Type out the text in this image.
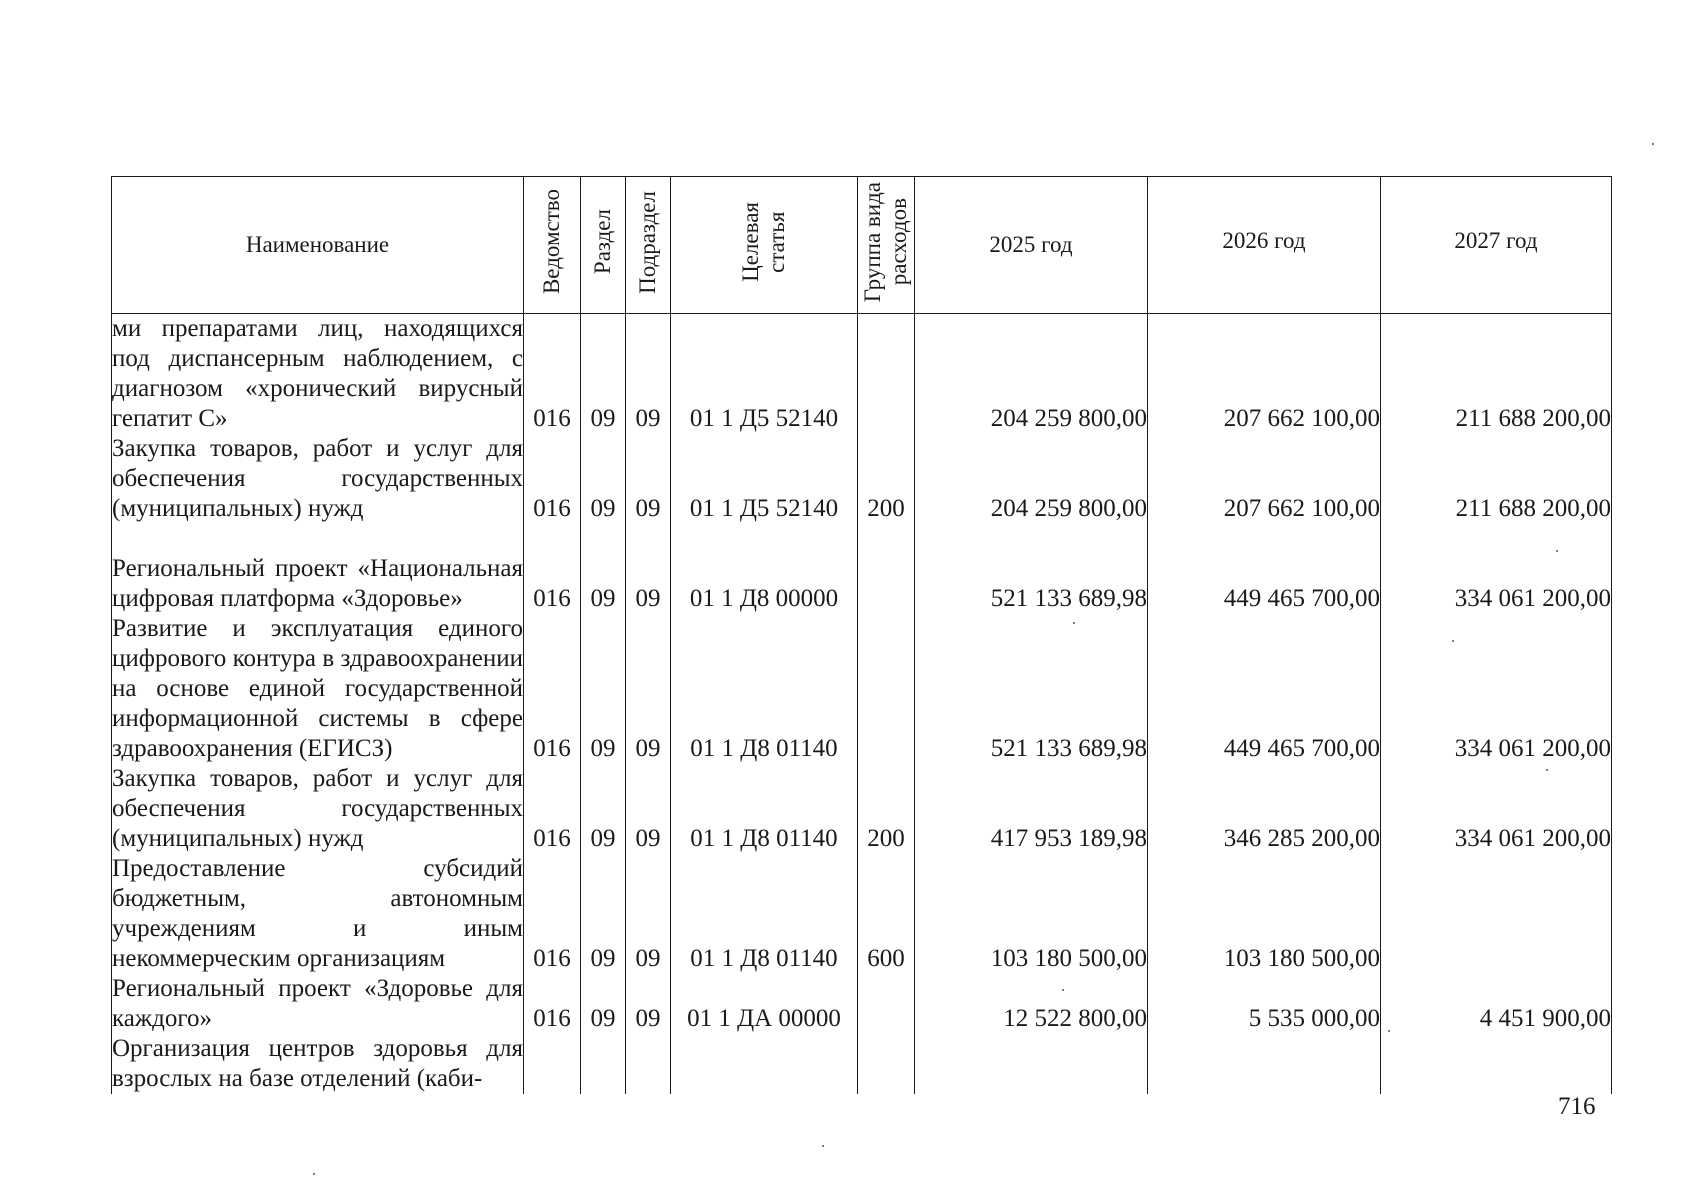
Наименование	Ведомство	Раздел	Подраздел	Целевая
статья	Группа вида
расходов	2025 год	2026 год	2027 год

ми препаратами лиц, находящихся под диспансерным наблюдением, с диагнозом «хронический вирусный гепатит С»	016	09	09	01 1 Д5 52140		204 259 800,00	207 662 100,00	211 688 200,00
Закупка товаров, работ и услуг для обеспечения государственных (муниципальных) нужд	016	09	09	01 1 Д5 52140	200	204 259 800,00	207 662 100,00	211 688 200,00
Региональный проект «Национальная цифровая платформа «Здоровье»	016	09	09	01 1 Д8 00000		521 133 689,98	449 465 700,00	334 061 200,00
Развитие и эксплуатация единого цифрового контура в здравоохранении на основе единой государственной информационной системы в сфере здравоохранения (ЕГИСЗ)	016	09	09	01 1 Д8 01140		521 133 689,98	449 465 700,00	334 061 200,00
Закупка товаров, работ и услуг для обеспечения государственных (муниципальных) нужд	016	09	09	01 1 Д8 01140	200	417 953 189,98	346 285 200,00	334 061 200,00
Предоставление субсидий бюджетным, автономным учреждениям и иным некоммерческим организациям	016	09	09	01 1 Д8 01140	600	103 180 500,00	103 180 500,00	
Региональный проект «Здоровье для каждого»	016	09	09	01 1 ДА 00000		12 522 800,00	5 535 000,00	4 451 900,00
Организация центров здоровья для взрослых на базе отделений (каби-								
716
